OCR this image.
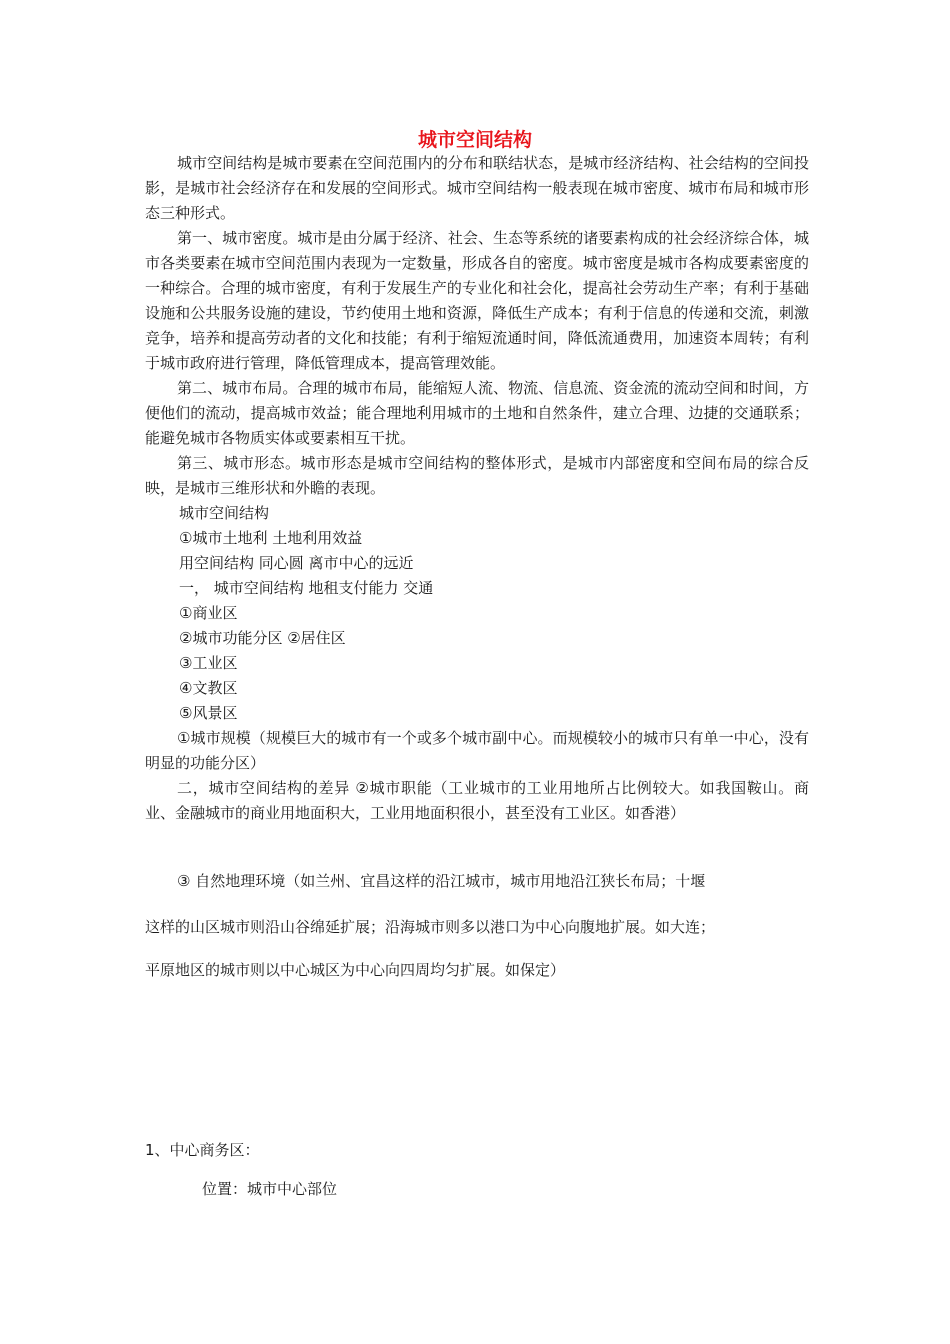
城市空间结构

城市空间结构是城市要素在空间范围内的分布和联结状态，是城市经济结构、社会结构的空间投影，是城市社会经济存在和发展的空间形式。城市空间结构一般表现在城市密度、城市布局和城市形态三种形式。

第一、城市密度。城市是由分属于经济、社会、生态等系统的诸要素构成的社会经济综合体，城市各类要素在城市空间范围内表现为一定数量，形成各自的密度。城市密度是城市各构成要素密度的一种综合。合理的城市密度，有利于发展生产的专业化和社会化，提高社会劳动生产率；有利于基础设施和公共服务设施的建设，节约使用土地和资源，降低生产成本；有利于信息的传递和交流，刺激竞争，培养和提高劳动者的文化和技能；有利于缩短流通时间，降低流通费用，加速资本周转；有利于城市政府进行管理，降低管理成本，提高管理效能。

第二、城市布局。合理的城市布局，能缩短人流、物流、信息流、资金流的流动空间和时间，方便他们的流动，提高城市效益；能合理地利用城市的土地和自然条件，建立合理、边捷的交通联系；能避免城市各物质实体或要素相互干扰。

第三、城市形态。城市形态是城市空间结构的整体形式，是城市内部密度和空间布局的综合反映，是城市三维形状和外瞻的表现。

城市空间结构

①城市土地利 土地利用效益

用空间结构 同心圆 离市中心的远近

一， 城市空间结构 地租支付能力 交通

①商业区

②城市功能分区 ②居住区

③工业区

④文教区

⑤风景区

①城市规模（规模巨大的城市有一个或多个城市副中心。而规模较小的城市只有单一中心，没有明显的功能分区）

二，城市空间结构的差异 ②城市职能（工业城市的工业用地所占比例较大。如我国鞍山。商业、金融城市的商业用地面积大，工业用地面积很小，甚至没有工业区。如香港）

③ 自然地理环境（如兰州、宜昌这样的沿江城市，城市用地沿江狭长布局；十堰

这样的山区城市则沿山谷绵延扩展；沿海城市则多以港口为中心向腹地扩展。如大连；

平原地区的城市则以中心城区为中心向四周均匀扩展。如保定）

1、中心商务区：

位置：城市中心部位
